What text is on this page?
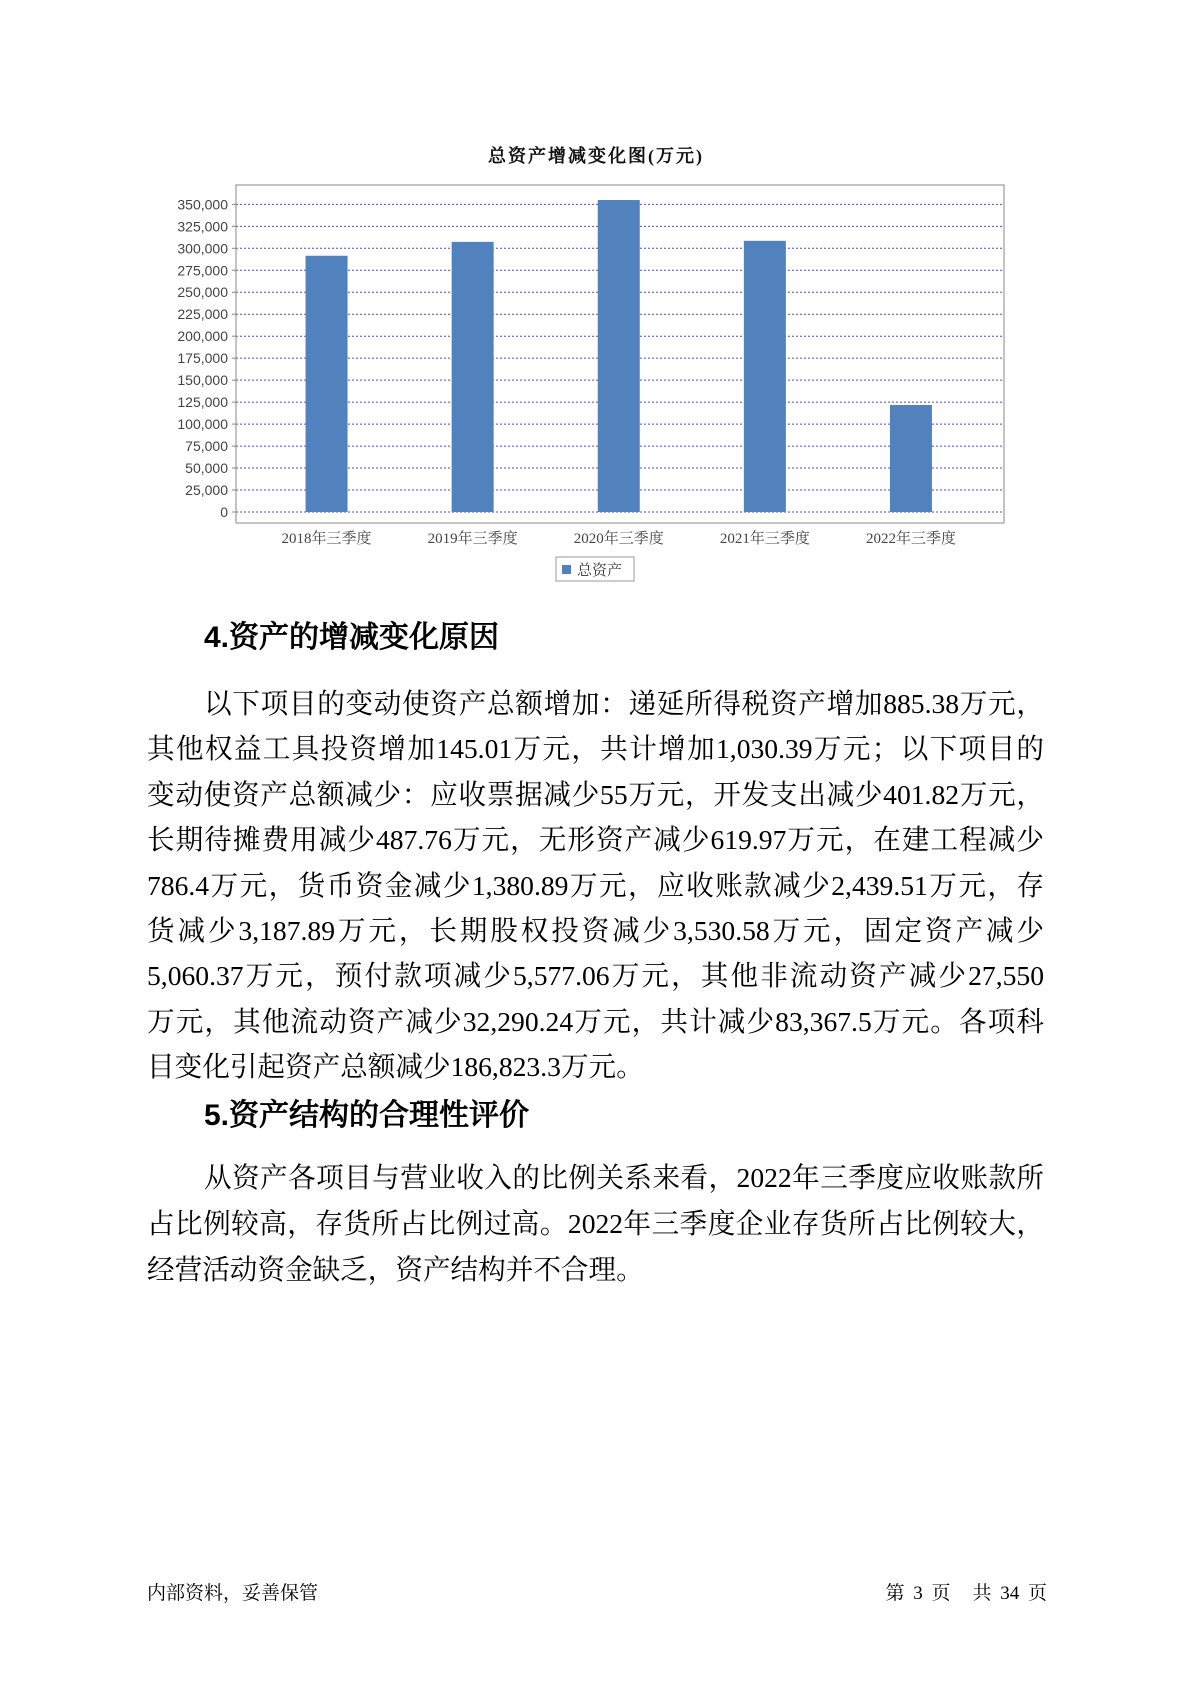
总资产增减变化图(万元)
0
25,000
50,000
75,000
100,000
125,000
150,000
175,000
200,000
225,000
250,000
275,000
300,000
325,000
350,000
2018年三季度	2019年三季度	2020年三季度	2021年三季度	2022年三季度
总资产
4.资产的增减变化原因
以下项目的变动使资产总额增加：递延所得税资产增加885.38万元，
其他权益工具投资增加145.01万元，共计增加1,030.39万元；以下项目的
变动使资产总额减少：应收票据减少55万元，开发支出减少401.82万元，
长期待摊费用减少487.76万元，无形资产减少619.97万元，在建工程减少
786.4万元，货币资金减少1,380.89万元，应收账款减少2,439.51万元，存
货减少3,187.89万元，长期股权投资减少3,530.58万元，固定资产减少
5,060.37万元，预付款项减少5,577.06万元，其他非流动资产减少27,550
万元，其他流动资产减少32,290.24万元，共计减少83,367.5万元。各项科
目变化引起资产总额减少186,823.3万元。
5.资产结构的合理性评价
从资产各项目与营业收入的比例关系来看，2022年三季度应收账款所
占比例较高，存货所占比例过高。2022年三季度企业存货所占比例较大，
经营活动资金缺乏，资产结构并不合理。
内部资料，妥善保管	第 3 页 共 34 页
